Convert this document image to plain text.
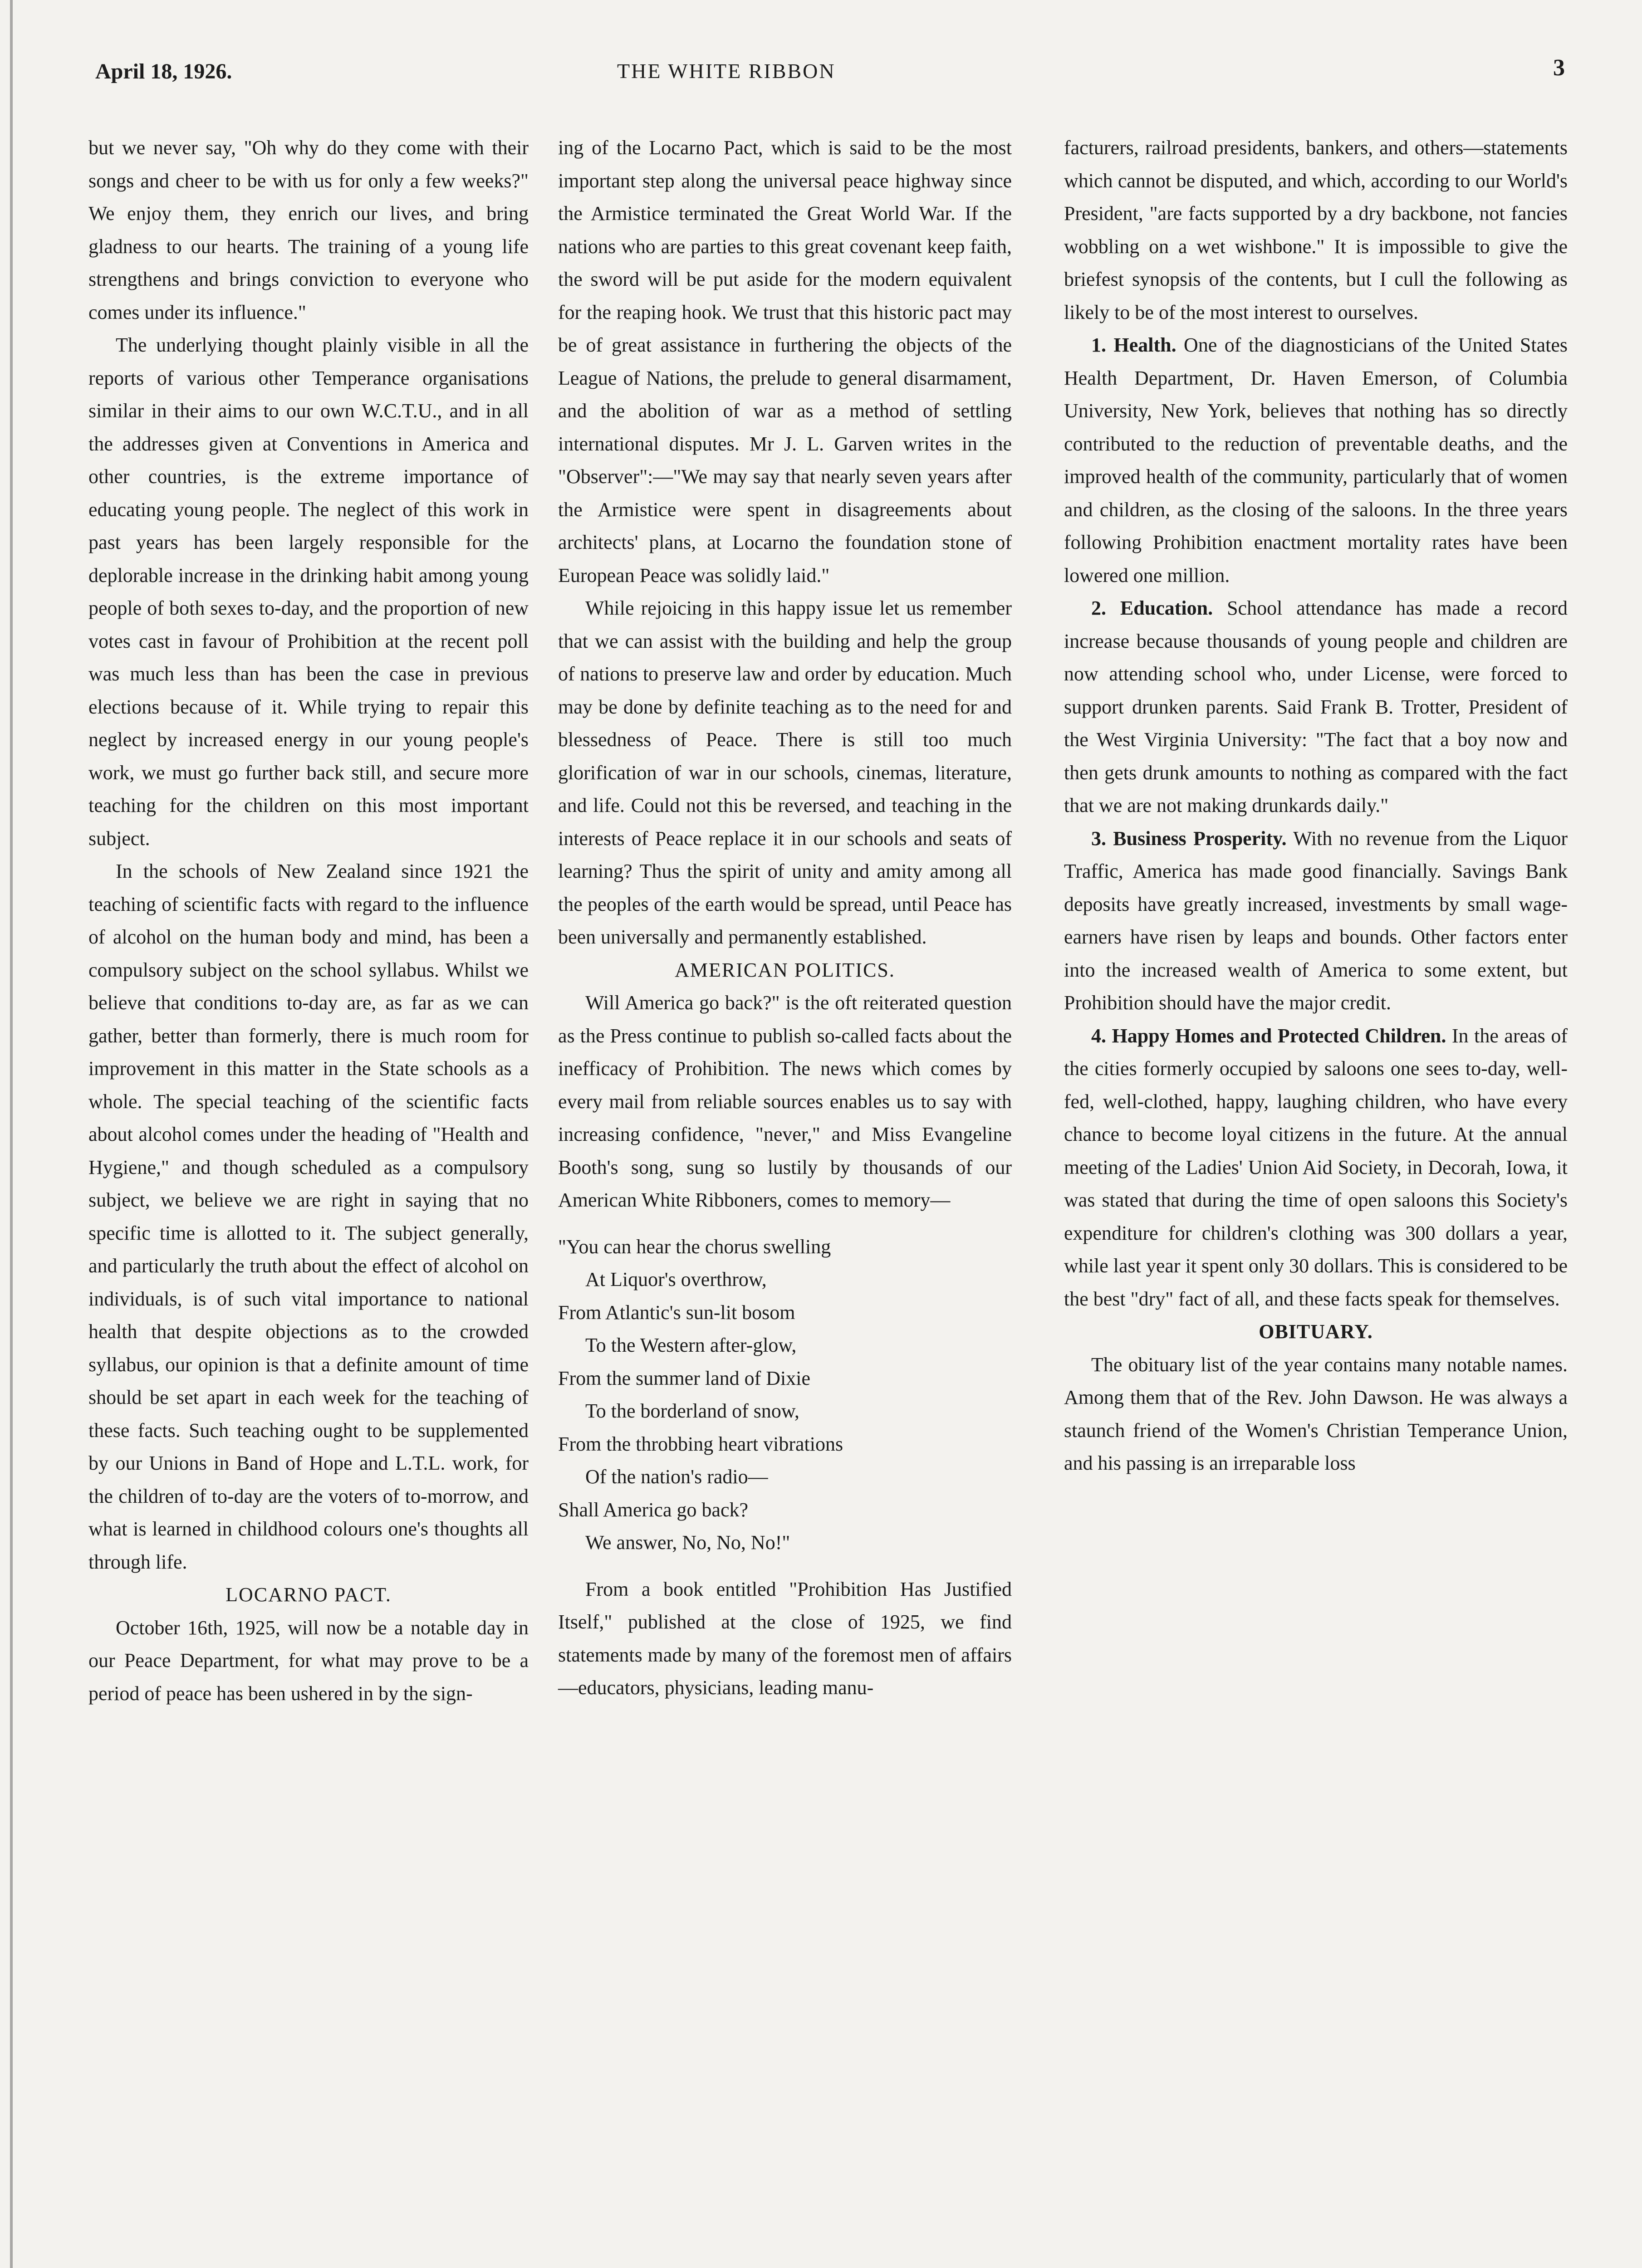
April 18, 1926.	THE WHITE RIBBON	3

but we never say, "Oh why do they come with their songs and cheer to be with us for only a few weeks?" We enjoy them, they enrich our lives, and bring gladness to our hearts. The training of a young life strengthens and brings conviction to everyone who comes under its influence."

The underlying thought plainly visible in all the reports of various other Temperance organisations similar in their aims to our own W.C.T.U., and in all the addresses given at Conventions in America and other countries, is the extreme importance of educating young people. The neglect of this work in past years has been largely responsible for the deplorable increase in the drinking habit among young people of both sexes to-day, and the proportion of new votes cast in favour of Prohibition at the recent poll was much less than has been the case in previous elections because of it. While trying to repair this neglect by increased energy in our young people's work, we must go further back still, and secure more teaching for the children on this most important subject.

In the schools of New Zealand since 1921 the teaching of scientific facts with regard to the influence of alcohol on the human body and mind, has been a compulsory subject on the school syllabus. Whilst we believe that conditions to-day are, as far as we can gather, better than formerly, there is much room for improvement in this matter in the State schools as a whole. The special teaching of the scientific facts about alcohol comes under the heading of "Health and Hygiene," and though scheduled as a compulsory subject, we believe we are right in saying that no specific time is allotted to it. The subject generally, and particularly the truth about the effect of alcohol on individuals, is of such vital importance to national health that despite objections as to the crowded syllabus, our opinion is that a definite amount of time should be set apart in each week for the teaching of these facts. Such teaching ought to be supplemented by our Unions in Band of Hope and L.T.L. work, for the children of to-day are the voters of to-morrow, and what is learned in childhood colours one's thoughts all through life.

LOCARNO PACT.

October 16th, 1925, will now be a notable day in our Peace Department, for what may prove to be a period of peace has been ushered in by the sign-

ing of the Locarno Pact, which is said to be the most important step along the universal peace highway since the Armistice terminated the Great World War. If the nations who are parties to this great covenant keep faith, the sword will be put aside for the modern equivalent for the reaping hook. We trust that this historic pact may be of great assistance in furthering the objects of the League of Nations, the prelude to general disarmament, and the abolition of war as a method of settling international disputes. Mr J. L. Garven writes in the "Observer":—"We may say that nearly seven years after the Armistice were spent in disagreements about architects' plans, at Locarno the foundation stone of European Peace was solidly laid."

While rejoicing in this happy issue let us remember that we can assist with the building and help the group of nations to preserve law and order by education. Much may be done by definite teaching as to the need for and blessedness of Peace. There is still too much glorification of war in our schools, cinemas, literature, and life. Could not this be reversed, and teaching in the interests of Peace replace it in our schools and seats of learning? Thus the spirit of unity and amity among all the peoples of the earth would be spread, until Peace has been universally and permanently established.

AMERICAN POLITICS.

Will America go back?" is the oft reiterated question as the Press continue to publish so-called facts about the inefficacy of Prohibition. The news which comes by every mail from reliable sources enables us to say with increasing confidence, "never," and Miss Evangeline Booth's song, sung so lustily by thousands of our American White Ribboners, comes to memory—

"You can hear the chorus swelling
At Liquor's overthrow,
From Atlantic's sun-lit bosom
To the Western after-glow,
From the summer land of Dixie
To the borderland of snow,
From the throbbing heart vibrations
Of the nation's radio—
Shall America go back?
We answer, No, No, No!"

From a book entitled "Prohibition Has Justified Itself," published at the close of 1925, we find statements made by many of the foremost men of affairs —educators, physicians, leading manu-

facturers, railroad presidents, bankers, and others—statements which cannot be disputed, and which, according to our World's President, "are facts supported by a dry backbone, not fancies wobbling on a wet wishbone." It is impossible to give the briefest synopsis of the contents, but I cull the following as likely to be of the most interest to ourselves.

1. Health. One of the diagnosticians of the United States Health Department, Dr. Haven Emerson, of Columbia University, New York, believes that nothing has so directly contributed to the reduction of preventable deaths, and the improved health of the community, particularly that of women and children, as the closing of the saloons. In the three years following Prohibition enactment mortality rates have been lowered one million.

2. Education. School attendance has made a record increase because thousands of young people and children are now attending school who, under License, were forced to support drunken parents. Said Frank B. Trotter, President of the West Virginia University: "The fact that a boy now and then gets drunk amounts to nothing as compared with the fact that we are not making drunkards daily."

3. Business Prosperity. With no revenue from the Liquor Traffic, America has made good financially. Savings Bank deposits have greatly increased, investments by small wage-earners have risen by leaps and bounds. Other factors enter into the increased wealth of America to some extent, but Prohibition should have the major credit.

4. Happy Homes and Protected Children. In the areas of the cities formerly occupied by saloons one sees to-day, well-fed, well-clothed, happy, laughing children, who have every chance to become loyal citizens in the future. At the annual meeting of the Ladies' Union Aid Society, in Decorah, Iowa, it was stated that during the time of open saloons this Society's expenditure for children's clothing was 300 dollars a year, while last year it spent only 30 dollars. This is considered to be the best "dry" fact of all, and these facts speak for themselves.

OBITUARY.

The obituary list of the year contains many notable names. Among them that of the Rev. John Dawson. He was always a staunch friend of the Women's Christian Temperance Union, and his passing is an irreparable loss
